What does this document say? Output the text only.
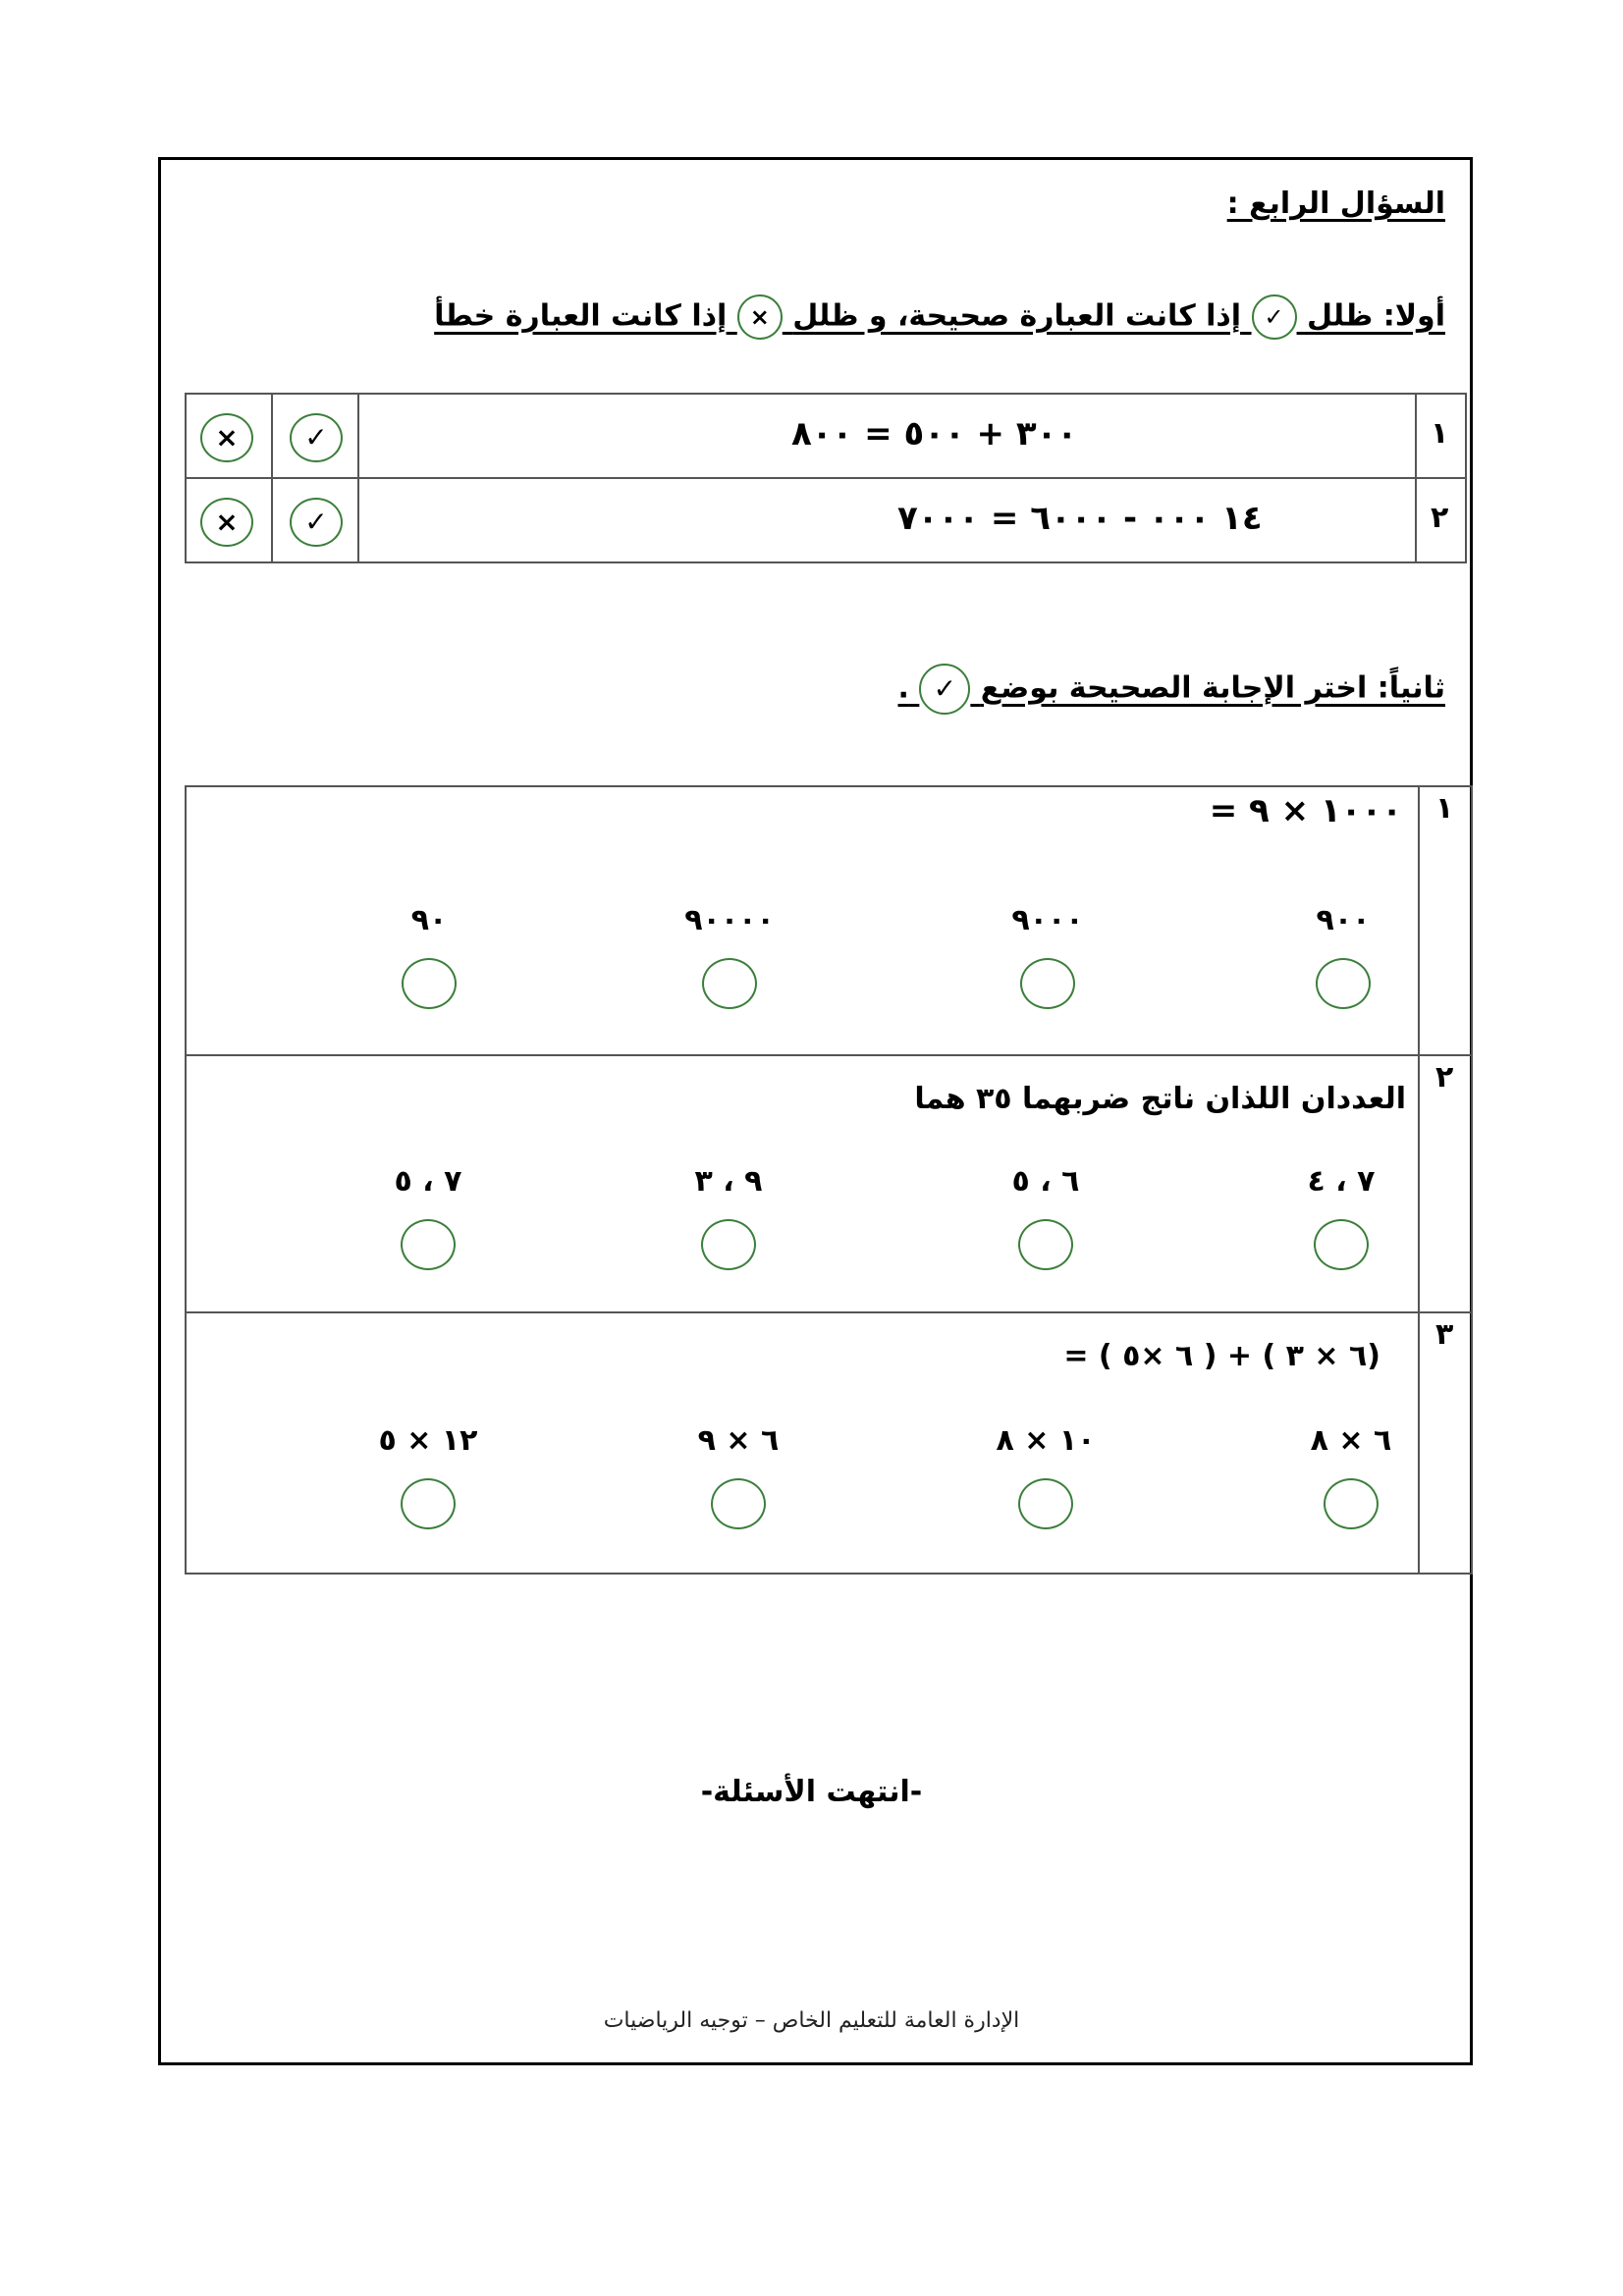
السؤال الرابع :
أولا: ظلل ✓ إذا كانت العبارة صحيحة، و ظلل × إذا كانت العبارة خطأ
×	✓	٣٠٠ + ٥٠٠ = ٨٠٠	١

×	✓	١٤ ٠٠٠ - ٦٠٠٠ = ٧٠٠٠	٢
ثانياً: اختر الإجابة الصحيحة بوضع ✓ .
١
١٠٠٠ × ٩ =
٩٠٠
٩٠٠٠
٩٠٠٠٠
٩٠
٢
العددان اللذان ناتج ضربهما ٣٥ هما
٧ ، ٤
٦ ، ٥
٩ ، ٣
٧ ، ٥
٣
(٦ × ٣ ) + ( ٦ ×٥ ) =
٦ × ٨
١٠ × ٨
٦ × ٩
١٢ × ٥
-انتهت الأسئلة-
الإدارة العامة للتعليم الخاص – توجيه الرياضيات
